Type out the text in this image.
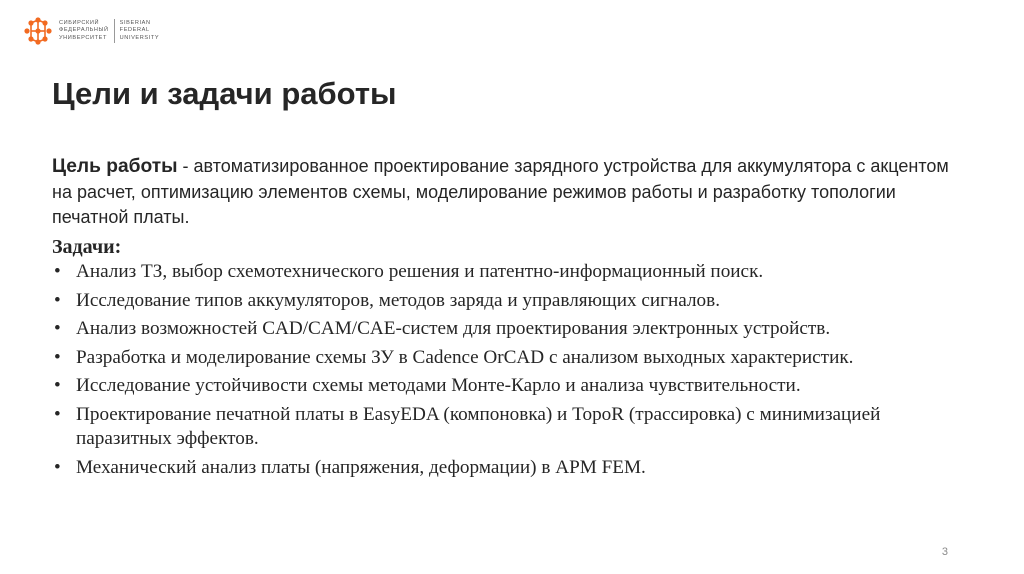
СИБИРСКИЙ
ФЕДЕРАЛЬНЫЙ
УНИВЕРСИТЕТ
SIBERIAN
FEDERAL
UNIVERSITY
Цели и задачи работы

Цель работы - автоматизированное проектирование зарядного устройства для аккумулятора с акцентом на расчет, оптимизацию элементов схемы, моделирование режимов работы и разработку топологии печатной платы.

Задачи:

• Анализ ТЗ, выбор схемотехнического решения и патентно-информационный поиск.
• Исследование типов аккумуляторов, методов заряда и управляющих сигналов.
• Анализ возможностей CAD/CAM/CAE-систем для проектирования электронных устройств.
• Разработка и моделирование схемы ЗУ в Cadence OrCAD с анализом выходных характеристик.
• Исследование устойчивости схемы методами Монте-Карло и анализа чувствительности.
• Проектирование печатной платы в EasyEDA (компоновка) и TopoR (трассировка) с минимизацией паразитных эффектов.
• Механический анализ платы (напряжения, деформации) в APM FEM.
3
